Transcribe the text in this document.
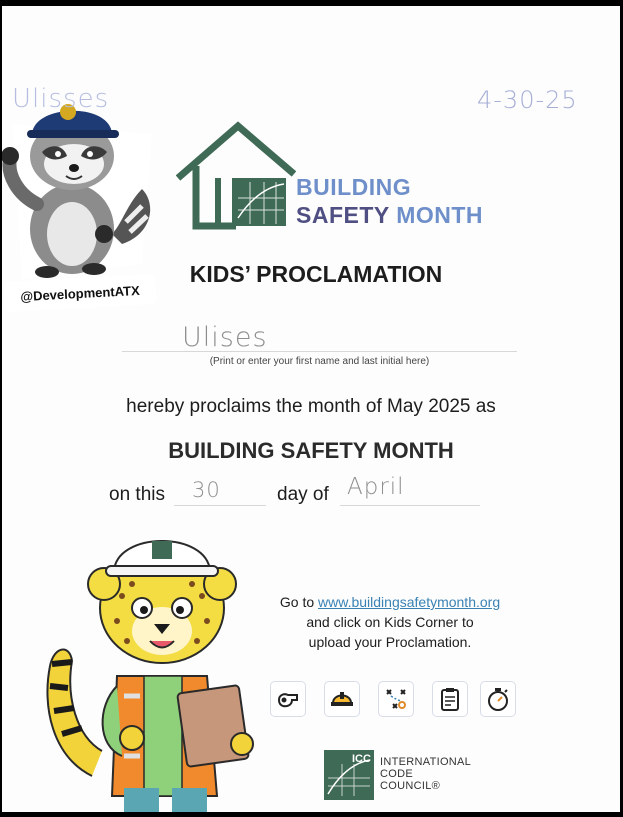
Ulisses	4-30-25
@DevelopmentATX
BUILDING
SAFETY MONTH
KIDS’ PROCLAMATION
Ulises
(Print or enter your first name and last initial here)
hereby proclaims the month of May 2025 as
BUILDING SAFETY MONTH
on this 30	day of April
Go to www.buildingsafetymonth.org
and click on Kids Corner to
upload your Proclamation.
ICC INTERNATIONAL
CODE
COUNCIL®
